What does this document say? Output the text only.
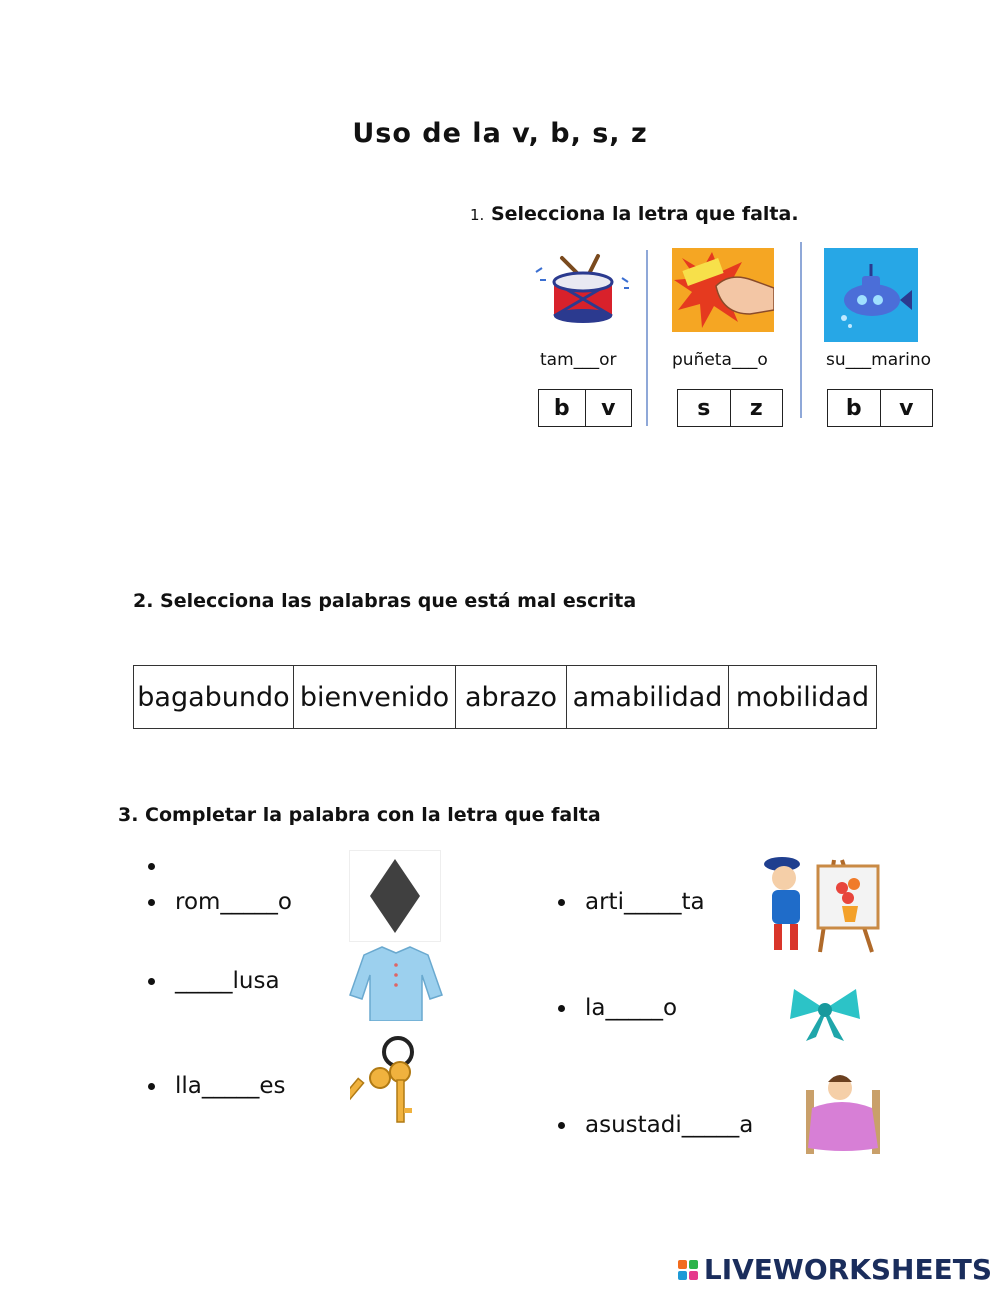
Uso de la v, b, s, z
1. Selecciona la letra que falta.
tam___or
b	v
puñeta___o
s	z
su___marino
b	v
2. Selecciona las palabras que está mal escrita
bagabundo bienvenido abrazo amabilidad mobilidad
3. Completar la palabra con la letra que falta
rom_____o
_____lusa
lla_____es
arti_____ta
la_____o
asustadi_____a
LIVEWORKSHEETS
